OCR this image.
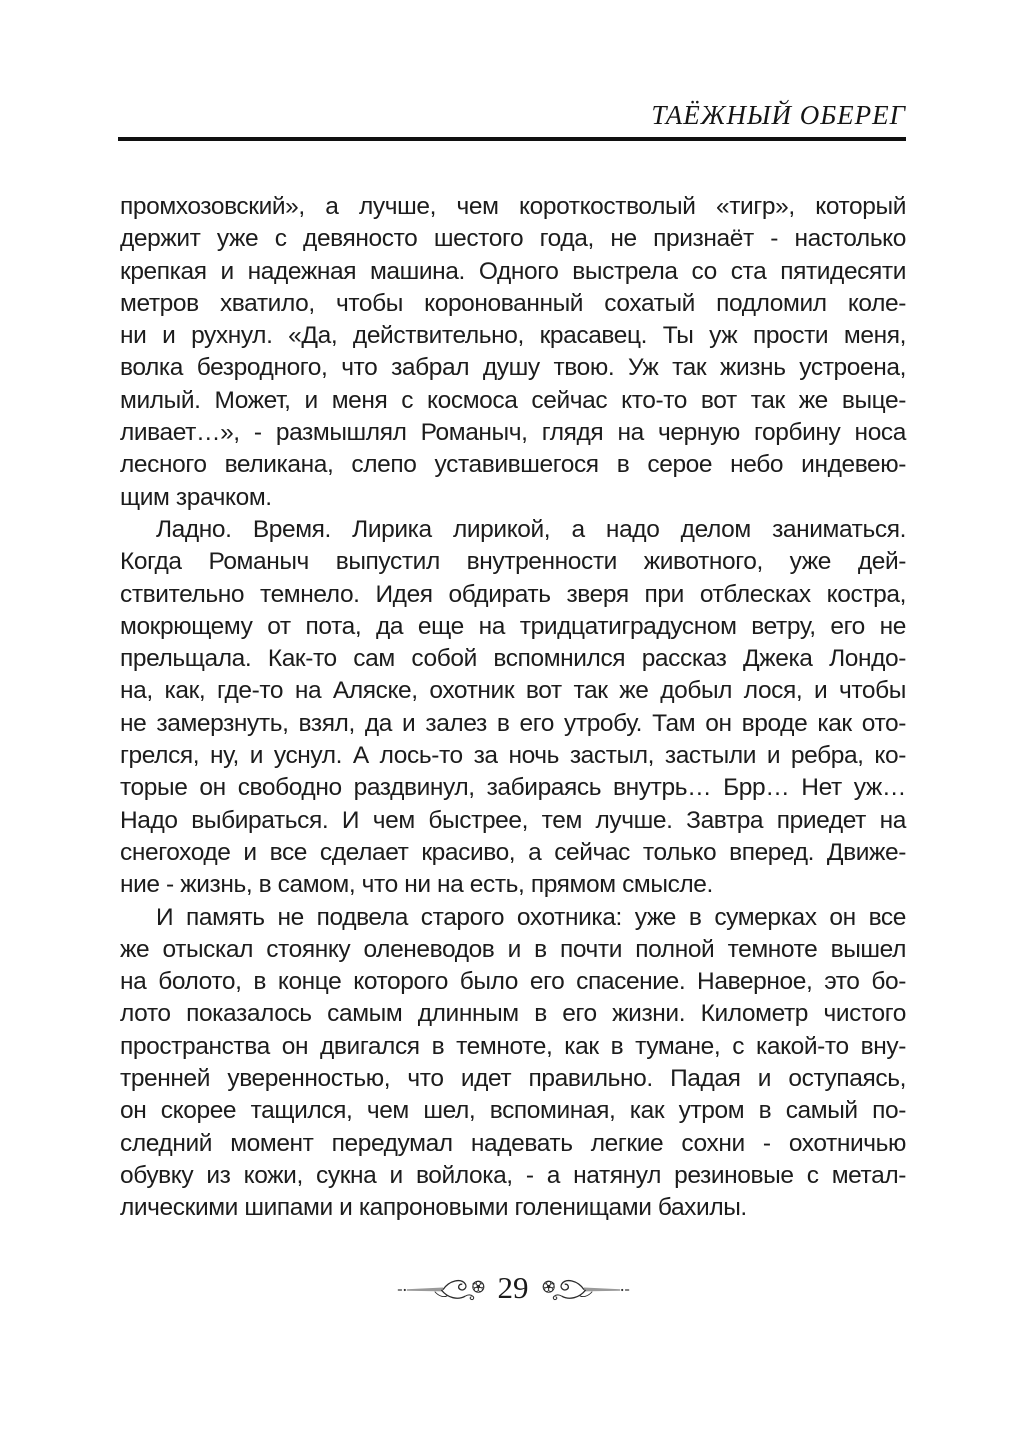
ТАЁЖНЫЙ ОБЕРЕГ
промхозовский», а лучше, чем короткостволый «тигр», который
держит уже с девяносто шестого года, не признаёт - настолько
крепкая и надежная машина. Одного выстрела со ста пятидесяти
метров хватило, чтобы коронованный сохатый подломил коле-
ни и рухнул. «Да, действительно, красавец. Ты уж прости меня,
волка безродного, что забрал душу твою. Уж так жизнь устроена,
милый. Может, и меня с космоса сейчас кто-то вот так же выце-
ливает…», - размышлял Романыч, глядя на черную горбину носа
лесного великана, слепо уставившегося в серое небо индевею-
щим зрачком.
Ладно. Время. Лирика лирикой, а надо делом заниматься.
Когда Романыч выпустил внутренности животного, уже дей-
ствительно темнело. Идея обдирать зверя при отблесках костра,
мокрющему от пота, да еще на тридцатиградусном ветру, его не
прельщала. Как-то сам собой вспомнился рассказ Джека Лондо-
на, как, где-то на Аляске, охотник вот так же добыл лося, и чтобы
не замерзнуть, взял, да и залез в его утробу. Там он вроде как ото-
грелся, ну, и уснул. А лось-то за ночь застыл, застыли и ребра, ко-
торые он свободно раздвинул, забираясь внутрь… Брр… Нет уж…
Надо выбираться. И чем быстрее, тем лучше. Завтра приедет на
снегоходе и все сделает красиво, а сейчас только вперед. Движе-
ние - жизнь, в самом, что ни на есть, прямом смысле.
И память не подвела старого охотника: уже в сумерках он все
же отыскал стоянку оленеводов и в почти полной темноте вышел
на болото, в конце которого было его спасение. Наверное, это бо-
лото показалось самым длинным в его жизни. Километр чистого
пространства он двигался в темноте, как в тумане, с какой-то вну-
тренней уверенностью, что идет правильно. Падая и оступаясь,
он скорее тащился, чем шел, вспоминая, как утром в самый по-
следний момент передумал надевать легкие сохни - охотничью
обувку из кожи, сукна и войлока, - а натянул резиновые с метал-
лическими шипами и капроновыми голенищами бахилы.
29
